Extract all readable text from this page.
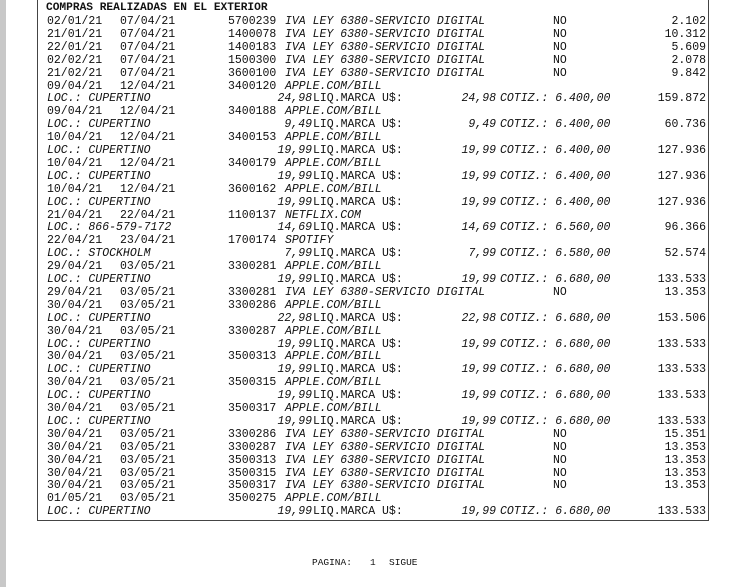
COMPRAS REALIZADAS EN EL EXTERIOR

02/01/21 07/04/21	5700239 IVA LEY 6380-SERVICIO DIGITAL	NO	2.102
21/01/21 07/04/21	1400078 IVA LEY 6380-SERVICIO DIGITAL	NO	10.312
22/01/21 07/04/21	1400183 IVA LEY 6380-SERVICIO DIGITAL	NO	5.609
02/02/21 07/04/21	1500300 IVA LEY 6380-SERVICIO DIGITAL	NO	2.078
21/02/21 07/04/21	3600100 IVA LEY 6380-SERVICIO DIGITAL	NO	9.842
09/04/21 12/04/21	3400120 APPLE.COM/BILL
LOC.: CUPERTINO	24,98 LIQ.MARCA U$:	24,98 COTIZ.: 6.400,00	159.872
09/04/21 12/04/21	3400188 APPLE.COM/BILL
LOC.: CUPERTINO	9,49 LIQ.MARCA U$:	9,49 COTIZ.: 6.400,00	60.736
10/04/21 12/04/21	3400153 APPLE.COM/BILL
LOC.: CUPERTINO	19,99 LIQ.MARCA U$:	19,99 COTIZ.: 6.400,00	127.936
10/04/21 12/04/21	3400179 APPLE.COM/BILL
LOC.: CUPERTINO	19,99 LIQ.MARCA U$:	19,99 COTIZ.: 6.400,00	127.936
10/04/21 12/04/21	3600162 APPLE.COM/BILL
LOC.: CUPERTINO	19,99 LIQ.MARCA U$:	19,99 COTIZ.: 6.400,00	127.936
21/04/21 22/04/21	1100137 NETFLIX.COM
LOC.: 866-579-7172	14,69 LIQ.MARCA U$:	14,69 COTIZ.: 6.560,00	96.366
22/04/21 23/04/21	1700174 SPOTIFY
LOC.: STOCKHOLM	7,99 LIQ.MARCA U$:	7,99 COTIZ.: 6.580,00	52.574
29/04/21 03/05/21	3300281 APPLE.COM/BILL
LOC.: CUPERTINO	19,99 LIQ.MARCA U$:	19,99 COTIZ.: 6.680,00	133.533
29/04/21 03/05/21	3300281 IVA LEY 6380-SERVICIO DIGITAL	NO	13.353
30/04/21 03/05/21	3300286 APPLE.COM/BILL
LOC.: CUPERTINO	22,98 LIQ.MARCA U$:	22,98 COTIZ.: 6.680,00	153.506
30/04/21 03/05/21	3300287 APPLE.COM/BILL
LOC.: CUPERTINO	19,99 LIQ.MARCA U$:	19,99 COTIZ.: 6.680,00	133.533
30/04/21 03/05/21	3500313 APPLE.COM/BILL
LOC.: CUPERTINO	19,99 LIQ.MARCA U$:	19,99 COTIZ.: 6.680,00	133.533
30/04/21 03/05/21	3500315 APPLE.COM/BILL
LOC.: CUPERTINO	19,99 LIQ.MARCA U$:	19,99 COTIZ.: 6.680,00	133.533
30/04/21 03/05/21	3500317 APPLE.COM/BILL
LOC.: CUPERTINO	19,99 LIQ.MARCA U$:	19,99 COTIZ.: 6.680,00	133.533
30/04/21 03/05/21	3300286 IVA LEY 6380-SERVICIO DIGITAL	NO	15.351
30/04/21 03/05/21	3300287 IVA LEY 6380-SERVICIO DIGITAL	NO	13.353
30/04/21 03/05/21	3500313 IVA LEY 6380-SERVICIO DIGITAL	NO	13.353
30/04/21 03/05/21	3500315 IVA LEY 6380-SERVICIO DIGITAL	NO	13.353
30/04/21 03/05/21	3500317 IVA LEY 6380-SERVICIO DIGITAL	NO	13.353
01/05/21 03/05/21	3500275 APPLE.COM/BILL
LOC.: CUPERTINO	19,99 LIQ.MARCA U$:	19,99 COTIZ.: 6.680,00	133.533
PAGINA: 1 SIGUE
